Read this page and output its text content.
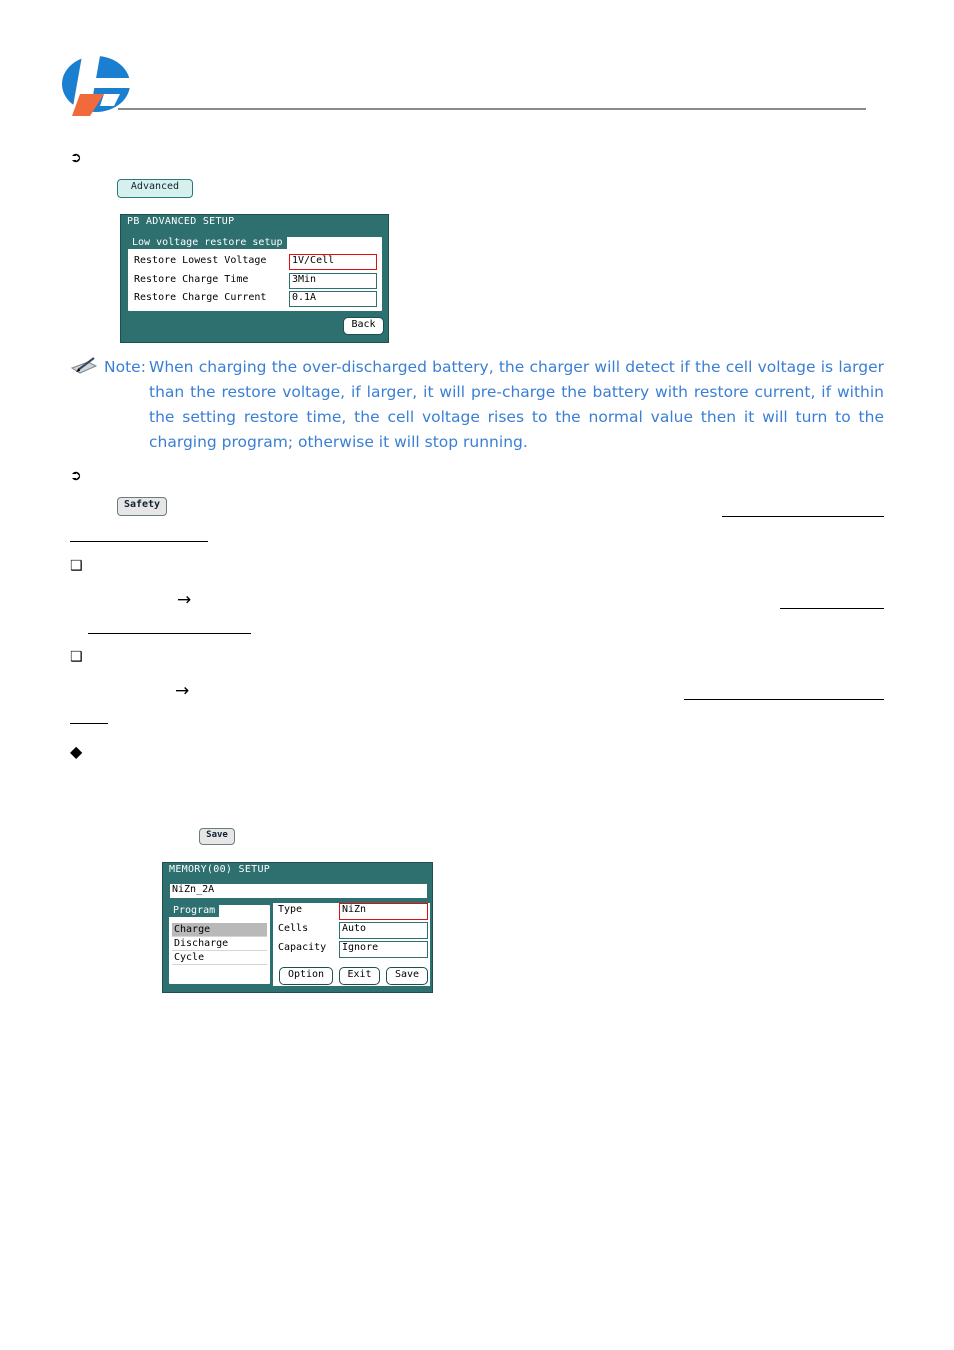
➲
Advanced
PB ADVANCED SETUP
Low voltage restore setup
Restore Lowest Voltage	1V/Cell
Restore Charge Time	3Min
Restore Charge Current	0.1A
Back
Note: When charging the over-discharged battery, the charger will detect if the cell voltage is larger
than the restore voltage, if larger, it will pre-charge the battery with restore current, if within the setting restore time, the cell voltage rises to the normal value then it will turn to the charging program; otherwise it will stop running.
➲
Safety
❑
→
❑
→
◆
Save
MEMORY(00) SETUP
NiZn_2A
Program
Charge
Discharge
Cycle
Type	NiZn
Cells	Auto
Capacity	Ignore
Option	Exit	Save
